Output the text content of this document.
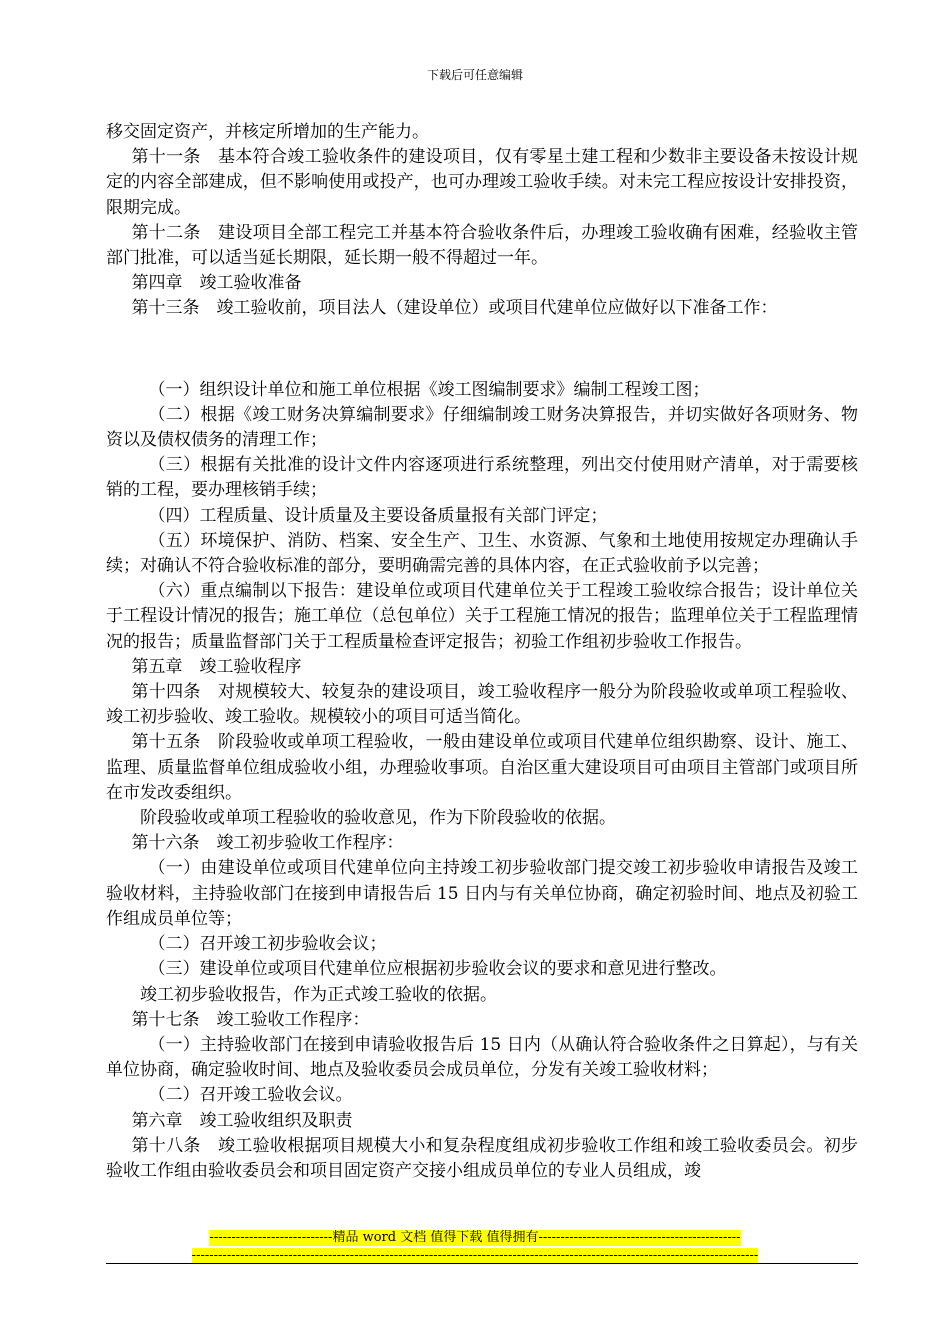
下载后可任意编辑

移交固定资产，并核定所增加的生产能力。

第十一条　基本符合竣工验收条件的建设项目，仅有零星土建工程和少数非主要设备未按设计规定的内容全部建成，但不影响使用或投产，也可办理竣工验收手续。对未完工程应按设计安排投资，限期完成。

第十二条　建设项目全部工程完工并基本符合验收条件后，办理竣工验收确有困难，经验收主管部门批准，可以适当延长期限，延长期一般不得超过一年。

第四章　竣工验收准备

第十三条　竣工验收前，项目法人（建设单位）或项目代建单位应做好以下准备工作：

（一）组织设计单位和施工单位根据《竣工图编制要求》编制工程竣工图；

（二）根据《竣工财务决算编制要求》仔细编制竣工财务决算报告，并切实做好各项财务、物资以及债权债务的清理工作；

（三）根据有关批准的设计文件内容逐项进行系统整理，列出交付使用财产清单，对于需要核销的工程，要办理核销手续；

（四）工程质量、设计质量及主要设备质量报有关部门评定；

（五）环境保护、消防、档案、安全生产、卫生、水资源、气象和土地使用按规定办理确认手续；对确认不符合验收标准的部分，要明确需完善的具体内容，在正式验收前予以完善；

（六）重点编制以下报告：建设单位或项目代建单位关于工程竣工验收综合报告；设计单位关于工程设计情况的报告；施工单位（总包单位）关于工程施工情况的报告；监理单位关于工程监理情况的报告；质量监督部门关于工程质量检查评定报告；初验工作组初步验收工作报告。

第五章　竣工验收程序

第十四条　对规模较大、较复杂的建设项目，竣工验收程序一般分为阶段验收或单项工程验收、竣工初步验收、竣工验收。规模较小的项目可适当简化。

第十五条　阶段验收或单项工程验收，一般由建设单位或项目代建单位组织勘察、设计、施工、监理、质量监督单位组成验收小组，办理验收事项。自治区重大建设项目可由项目主管部门或项目所在市发改委组织。

阶段验收或单项工程验收的验收意见，作为下阶段验收的依据。

第十六条　竣工初步验收工作程序：

（一）由建设单位或项目代建单位向主持竣工初步验收部门提交竣工初步验收申请报告及竣工验收材料，主持验收部门在接到申请报告后 15 日内与有关单位协商，确定初验时间、地点及初验工作组成员单位等；

（二）召开竣工初步验收会议；

（三）建设单位或项目代建单位应根据初步验收会议的要求和意见进行整改。

竣工初步验收报告，作为正式竣工验收的依据。

第十七条　竣工验收工作程序：

（一）主持验收部门在接到申请验收报告后 15 日内（从确认符合验收条件之日算起），与有关单位协商，确定验收时间、地点及验收委员会成员单位，分发有关竣工验收材料；

（二）召开竣工验收会议。

第六章　竣工验收组织及职责

第十八条　竣工验收根据项目规模大小和复杂程度组成初步验收工作组和竣工验收委员会。初步验收工作组由验收委员会和项目固定资产交接小组成员单位的专业人员组成，竣

----------------------------精品 word 文档 值得下载 值得拥有----------------------------------------------
---------------------------------------------------------------------------------------------------------------------------------
